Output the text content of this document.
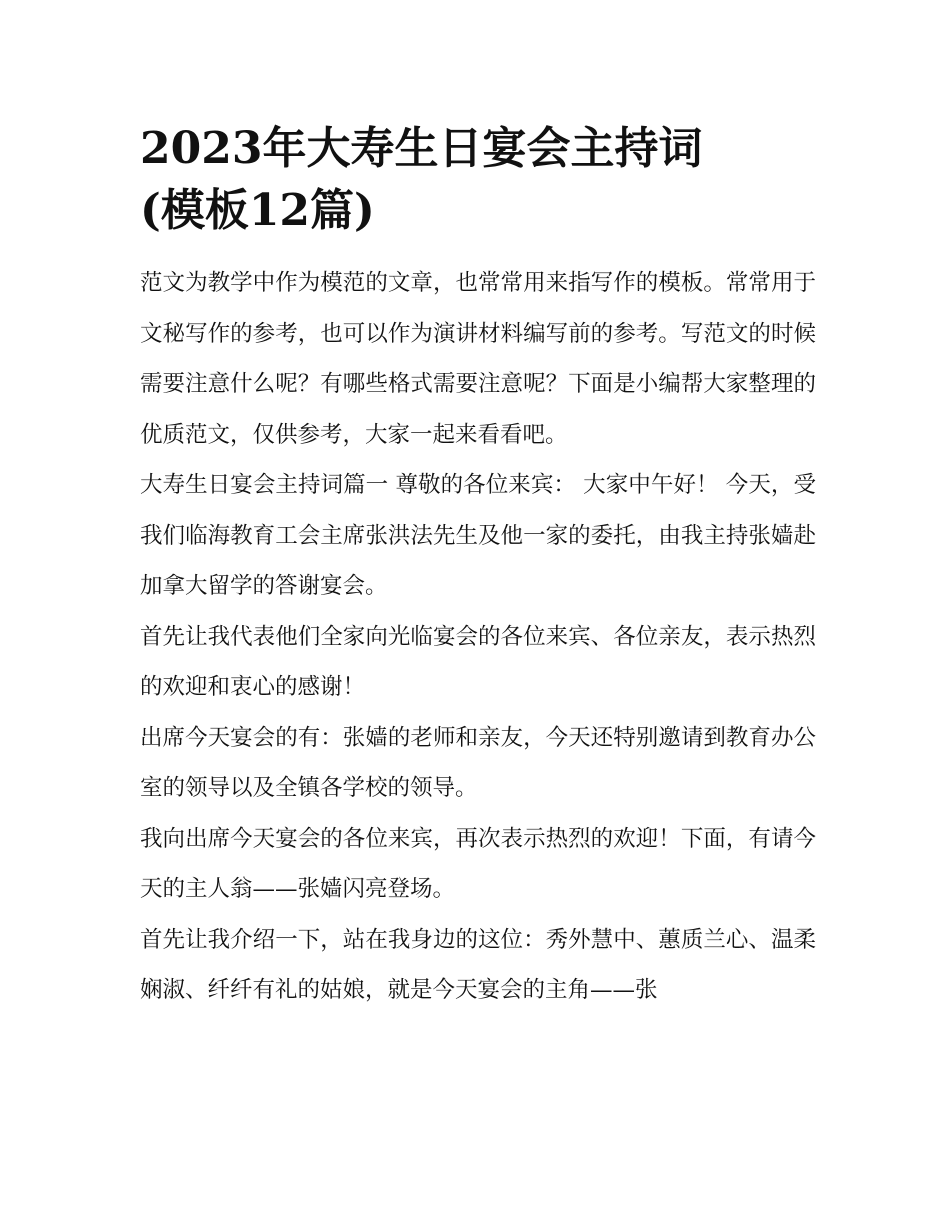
2023年大寿生日宴会主持词
(模板12篇)

范文为教学中作为模范的文章，也常常用来指写作的模板。常常用于文秘写作的参考，也可以作为演讲材料编写前的参考。写范文的时候需要注意什么呢？有哪些格式需要注意呢？下面是小编帮大家整理的优质范文，仅供参考，大家一起来看看吧。

大寿生日宴会主持词篇一 尊敬的各位来宾： 大家中午好！ 今天，受我们临海教育工会主席张洪法先生及他一家的委托，由我主持张嫱赴加拿大留学的答谢宴会。

首先让我代表他们全家向光临宴会的各位来宾、各位亲友，表示热烈的欢迎和衷心的感谢！

出席今天宴会的有：张嫱的老师和亲友，今天还特别邀请到教育办公室的领导以及全镇各学校的领导。

我向出席今天宴会的各位来宾，再次表示热烈的欢迎！下面，有请今天的主人翁——张嫱闪亮登场。

首先让我介绍一下，站在我身边的这位：秀外慧中、蕙质兰心、温柔娴淑、纤纤有礼的姑娘，就是今天宴会的主角——张
